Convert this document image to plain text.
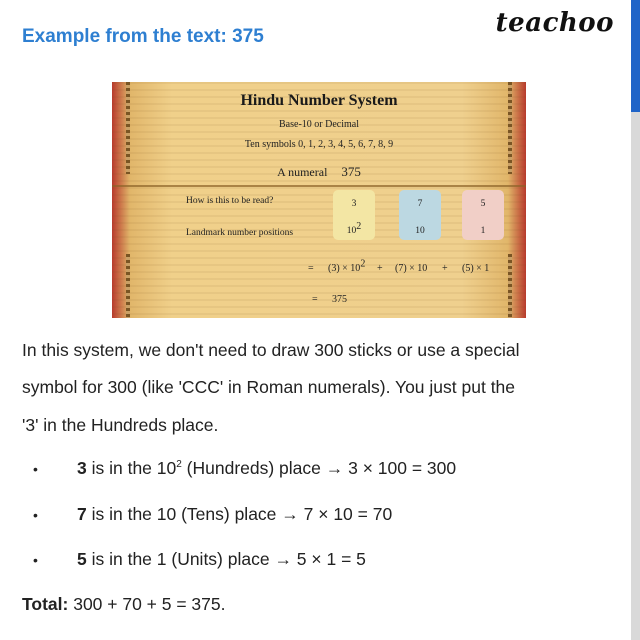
Example from the text: 375	teachoo
Hindu Number System
Base-10 or Decimal
Ten symbols 0, 1, 2, 3, 4, 5, 6, 7, 8, 9
A numeral 375
How is this to be read?
Landmark number positions
3
$10^2$
7
10
5
1
= $(3) \times 10^2 + (7) \times 10 + (5) \times 1$
= 375
In this system, we don't need to draw 300 sticks or use a special
symbol for 300 (like 'CCC' in Roman numerals). You just put the
'3' in the Hundreds place.
• 3 is in the $10^2$ (Hundreds) place → 3 × 100 = 300
• 7 is in the 10 (Tens) place → 7 × 10 = 70
• 5 is in the 1 (Units) place → 5 × 1 = 5
Total: 300 + 70 + 5 = 375.
